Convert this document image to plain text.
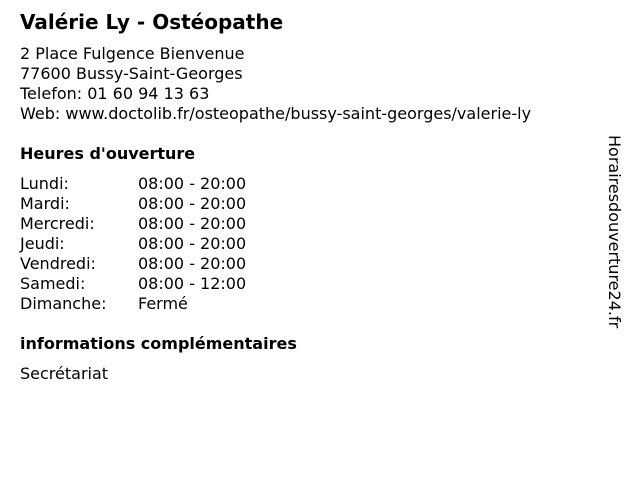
Valérie Ly - Ostéopathe
2 Place Fulgence Bienvenue
77600 Bussy-Saint-Georges
Telefon: 01 60 94 13 63
Web: www.doctolib.fr/osteopathe/bussy-saint-georges/valerie-ly
Heures d'ouverture
Lundi:	08:00 - 20:00
Mardi:	08:00 - 20:00
Mercredi:	08:00 - 20:00
Jeudi:	08:00 - 20:00
Vendredi:	08:00 - 20:00
Samedi:	08:00 - 12:00
Dimanche:	Fermé
informations complémentaires
Secrétariat
Horairesdouverture24.fr
